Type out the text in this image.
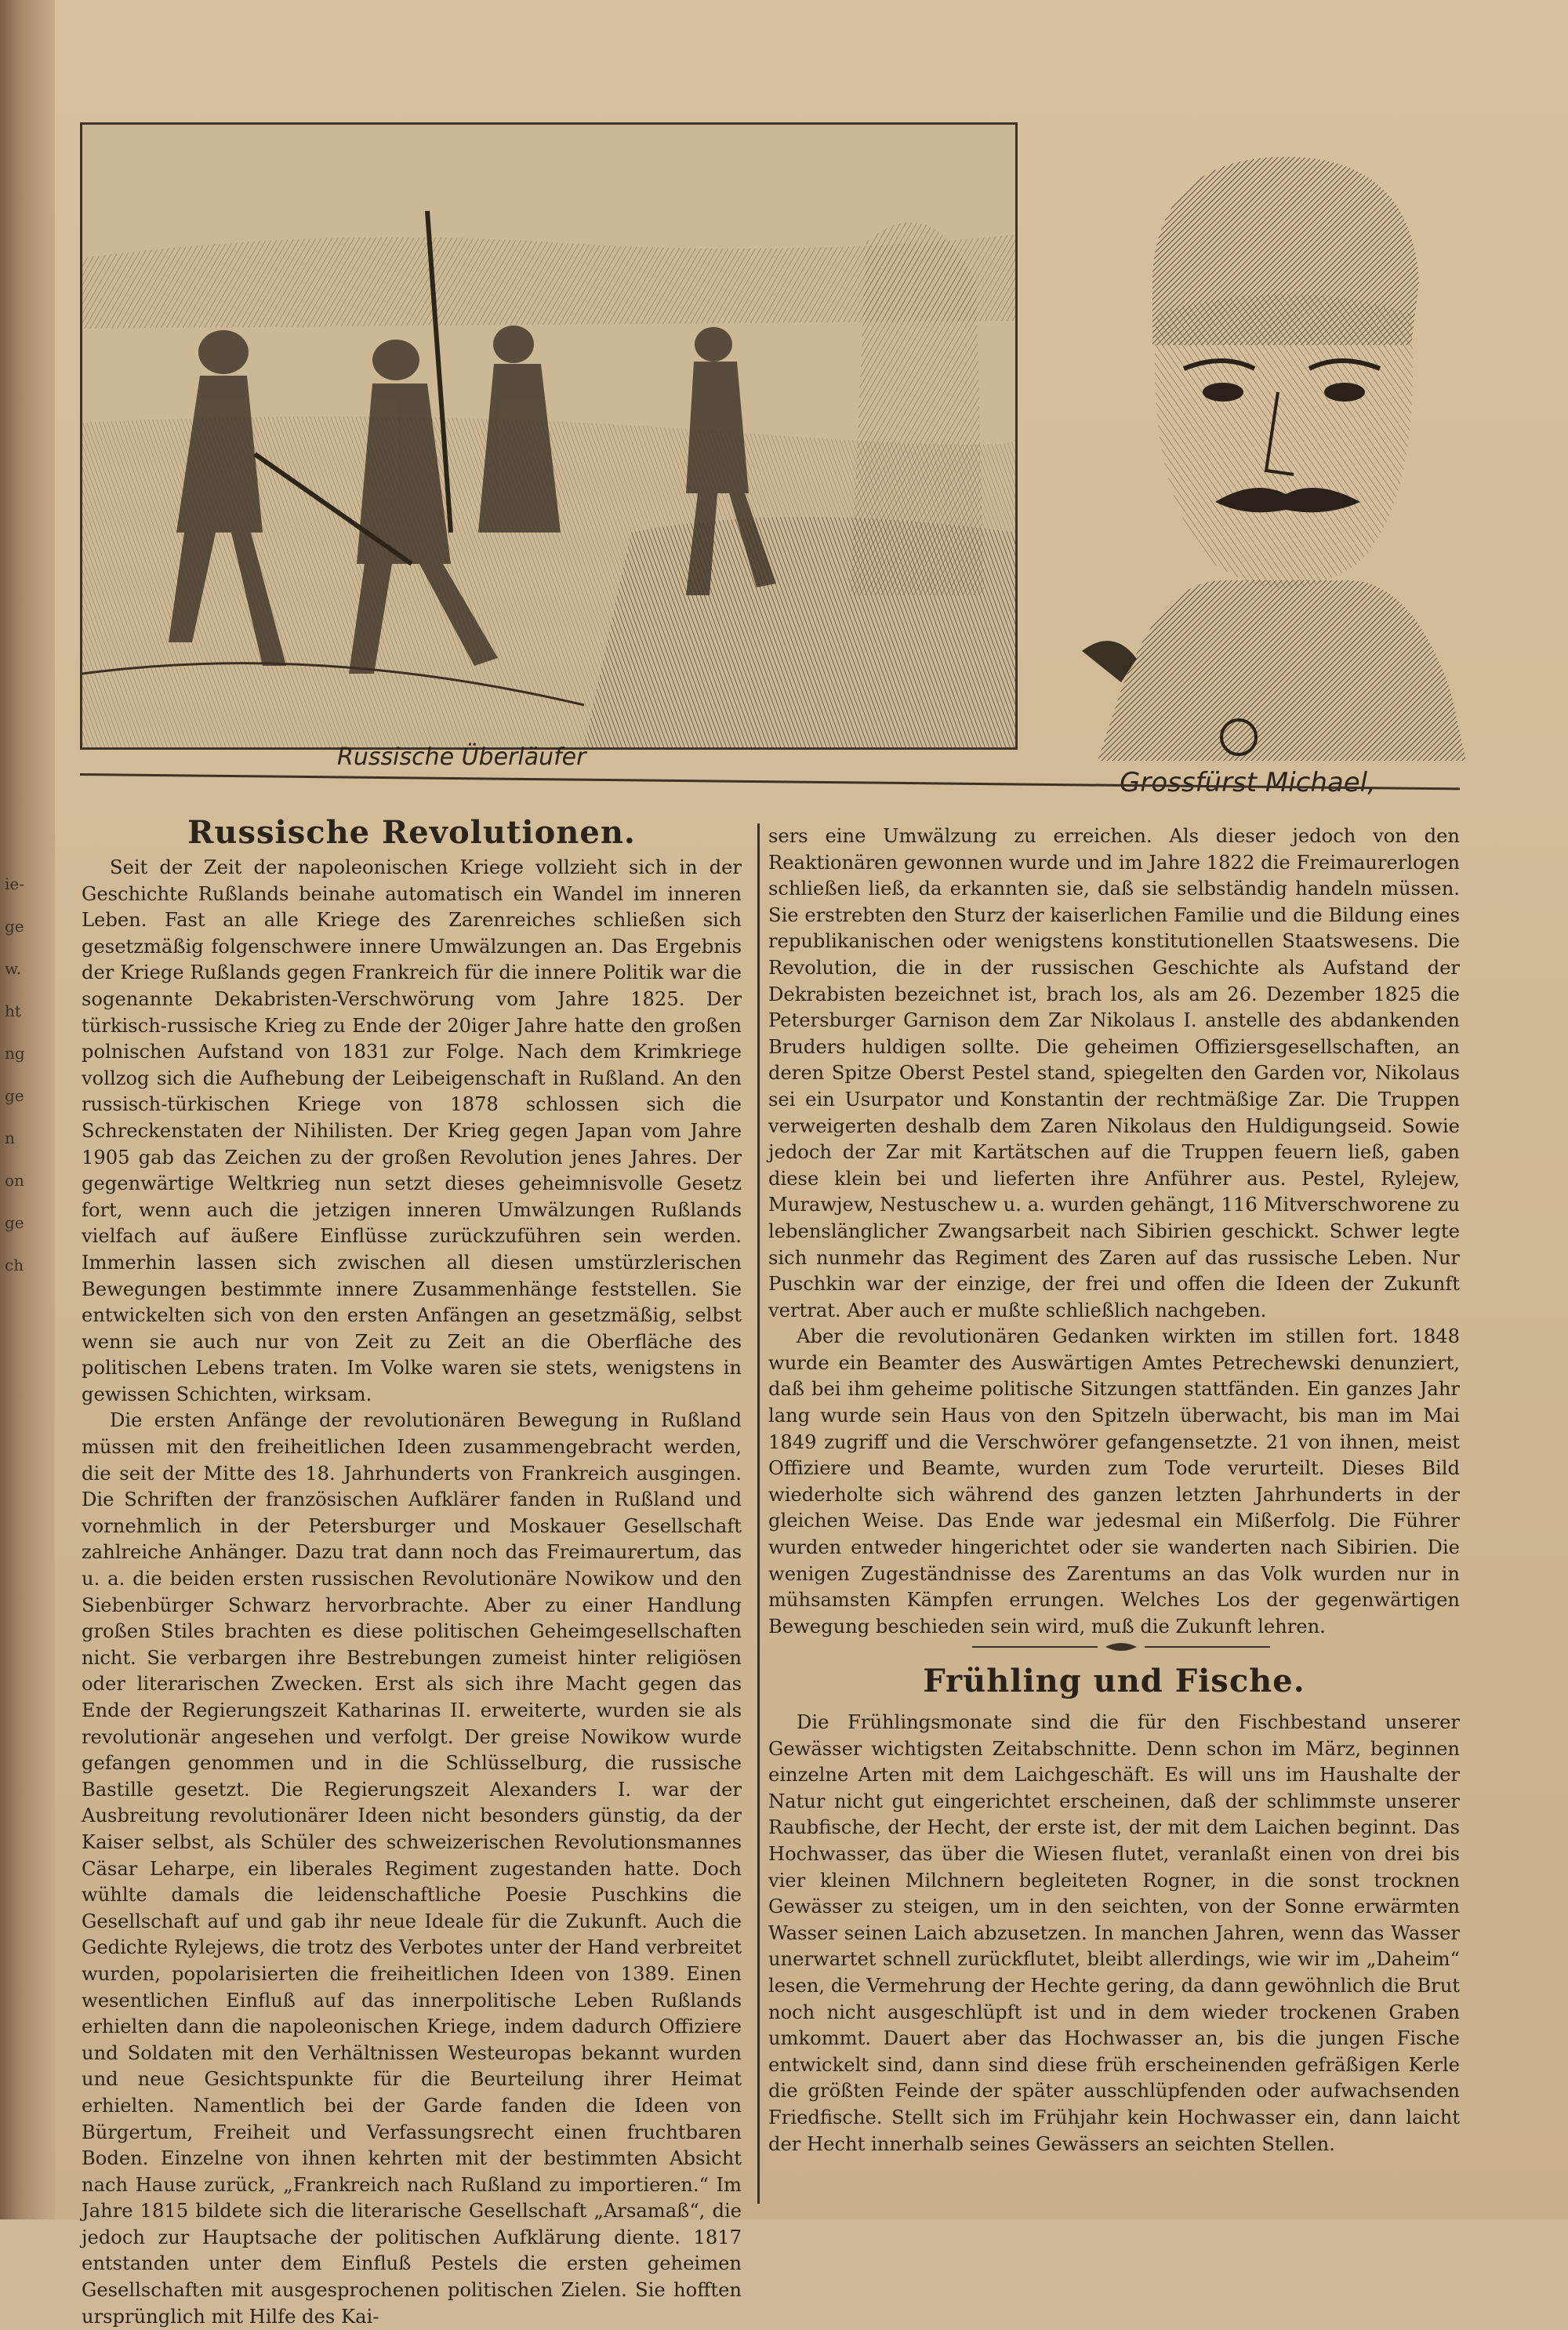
ie-
ge
w.
ht
ng
ge
n
on
ge
ch
Russische Überläufer
Grossfürst Michael,
Russische Revolutionen.

Seit der Zeit der napoleonischen Kriege vollzieht sich in der Geschichte Rußlands beinahe automatisch ein Wandel im inneren Leben. Fast an alle Kriege des Zarenreiches schließen sich gesetzmäßig folgenschwere innere Umwälzungen an. Das Ergebnis der Kriege Rußlands gegen Frankreich für die innere Politik war die sogenannte Dekabristen-Verschwörung vom Jahre 1825. Der türkisch-russische Krieg zu Ende der 20iger Jahre hatte den großen polnischen Aufstand von 1831 zur Folge. Nach dem Krimkriege vollzog sich die Aufhebung der Leibeigenschaft in Rußland. An den russisch-türkischen Kriege von 1878 schlossen sich die Schreckenstaten der Nihilisten. Der Krieg gegen Japan vom Jahre 1905 gab das Zeichen zu der großen Revolution jenes Jahres. Der gegenwärtige Weltkrieg nun setzt dieses geheimnisvolle Gesetz fort, wenn auch die jetzigen inneren Umwälzungen Rußlands vielfach auf äußere Einflüsse zurückzuführen sein werden. Immerhin lassen sich zwischen all diesen umstürzlerischen Bewegungen bestimmte innere Zusammenhänge feststellen. Sie entwickelten sich von den ersten Anfängen an gesetzmäßig, selbst wenn sie auch nur von Zeit zu Zeit an die Oberfläche des politischen Lebens traten. Im Volke waren sie stets, wenigstens in gewissen Schichten, wirksam.

Die ersten Anfänge der revolutionären Bewegung in Rußland müssen mit den freiheitlichen Ideen zusammengebracht werden, die seit der Mitte des 18. Jahrhunderts von Frankreich ausgingen. Die Schriften der französischen Aufklärer fanden in Rußland und vornehmlich in der Petersburger und Moskauer Gesellschaft zahlreiche Anhänger. Dazu trat dann noch das Freimaurertum, das u. a. die beiden ersten russischen Revolutionäre Nowikow und den Siebenbürger Schwarz hervorbrachte. Aber zu einer Handlung großen Stiles brachten es diese politischen Geheimgesellschaften nicht. Sie verbargen ihre Bestrebungen zumeist hinter religiösen oder literarischen Zwecken. Erst als sich ihre Macht gegen das Ende der Regierungszeit Katharinas II. erweiterte, wurden sie als revolutionär angesehen und verfolgt. Der greise Nowikow wurde gefangen genommen und in die Schlüsselburg, die russische Bastille gesetzt. Die Regierungszeit Alexanders I. war der Ausbreitung revolutionärer Ideen nicht besonders günstig, da der Kaiser selbst, als Schüler des schweizerischen Revolutionsmannes Cäsar Leharpe, ein liberales Regiment zugestanden hatte. Doch wühlte damals die leidenschaftliche Poesie Puschkins die Gesellschaft auf und gab ihr neue Ideale für die Zukunft. Auch die Gedichte Rylejews, die trotz des Verbotes unter der Hand verbreitet wurden, popolarisierten die freiheitlichen Ideen von 1389. Einen wesentlichen Einfluß auf das innerpolitische Leben Rußlands erhielten dann die napoleonischen Kriege, indem dadurch Offiziere und Soldaten mit den Verhältnissen Westeuropas bekannt wurden und neue Gesichtspunkte für die Beurteilung ihrer Heimat erhielten. Namentlich bei der Garde fanden die Ideen von Bürgertum, Freiheit und Verfassungsrecht einen fruchtbaren Boden. Einzelne von ihnen kehrten mit der bestimmten Absicht nach Hause zurück, „Frankreich nach Rußland zu importieren.“ Im Jahre 1815 bildete sich die literarische Gesellschaft „Arsamaß“, die jedoch zur Hauptsache der politischen Aufklärung diente. 1817 entstanden unter dem Einfluß Pestels die ersten geheimen Gesellschaften mit ausgesprochenen politischen Zielen. Sie hofften ursprünglich mit Hilfe des Kai-

sers eine Umwälzung zu erreichen. Als dieser jedoch von den Reaktionären gewonnen wurde und im Jahre 1822 die Freimaurerlogen schließen ließ, da erkannten sie, daß sie selbständig handeln müssen. Sie erstrebten den Sturz der kaiserlichen Familie und die Bildung eines republikanischen oder wenigstens konstitutionellen Staatswesens. Die Revolution, die in der russischen Geschichte als Aufstand der Dekrabisten bezeichnet ist, brach los, als am 26. Dezember 1825 die Petersburger Garnison dem Zar Nikolaus I. anstelle des abdankenden Bruders huldigen sollte. Die geheimen Offiziersgesellschaften, an deren Spitze Oberst Pestel stand, spiegelten den Garden vor, Nikolaus sei ein Usurpator und Konstantin der rechtmäßige Zar. Die Truppen verweigerten deshalb dem Zaren Nikolaus den Huldigungseid. Sowie jedoch der Zar mit Kartätschen auf die Truppen feuern ließ, gaben diese klein bei und lieferten ihre Anführer aus. Pestel, Rylejew, Murawjew, Nestuschew u. a. wurden gehängt, 116 Mitverschworene zu lebenslänglicher Zwangsarbeit nach Sibirien geschickt. Schwer legte sich nunmehr das Regiment des Zaren auf das russische Leben. Nur Puschkin war der einzige, der frei und offen die Ideen der Zukunft vertrat. Aber auch er mußte schließlich nachgeben.

Aber die revolutionären Gedanken wirkten im stillen fort. 1848 wurde ein Beamter des Auswärtigen Amtes Petrechewski denunziert, daß bei ihm geheime politische Sitzungen stattfänden. Ein ganzes Jahr lang wurde sein Haus von den Spitzeln überwacht, bis man im Mai 1849 zugriff und die Verschwörer gefangensetzte. 21 von ihnen, meist Offiziere und Beamte, wurden zum Tode verurteilt. Dieses Bild wiederholte sich während des ganzen letzten Jahrhunderts in der gleichen Weise. Das Ende war jedesmal ein Mißerfolg. Die Führer wurden entweder hingerichtet oder sie wanderten nach Sibirien. Die wenigen Zugeständnisse des Zarentums an das Volk wurden nur in mühsamsten Kämpfen errungen. Welches Los der gegenwärtigen Bewegung beschieden sein wird, muß die Zukunft lehren.

Frühling und Fische.

Die Frühlingsmonate sind die für den Fischbestand unserer Gewässer wichtigsten Zeitabschnitte. Denn schon im März, beginnen einzelne Arten mit dem Laichgeschäft. Es will uns im Haushalte der Natur nicht gut eingerichtet erscheinen, daß der schlimmste unserer Raubfische, der Hecht, der erste ist, der mit dem Laichen beginnt. Das Hochwasser, das über die Wiesen flutet, veranlaßt einen von drei bis vier kleinen Milchnern begleiteten Rogner, in die sonst trocknen Gewässer zu steigen, um in den seichten, von der Sonne erwärmten Wasser seinen Laich abzusetzen. In manchen Jahren, wenn das Wasser unerwartet schnell zurückflutet, bleibt allerdings, wie wir im „Daheim“ lesen, die Vermehrung der Hechte gering, da dann gewöhnlich die Brut noch nicht ausgeschlüpft ist und in dem wieder trockenen Graben umkommt. Dauert aber das Hochwasser an, bis die jungen Fische entwickelt sind, dann sind diese früh erscheinenden gefräßigen Kerle die größten Feinde der später ausschlüpfenden oder aufwachsenden Friedfische. Stellt sich im Frühjahr kein Hochwasser ein, dann laicht der Hecht innerhalb seines Gewässers an seichten Stellen.
